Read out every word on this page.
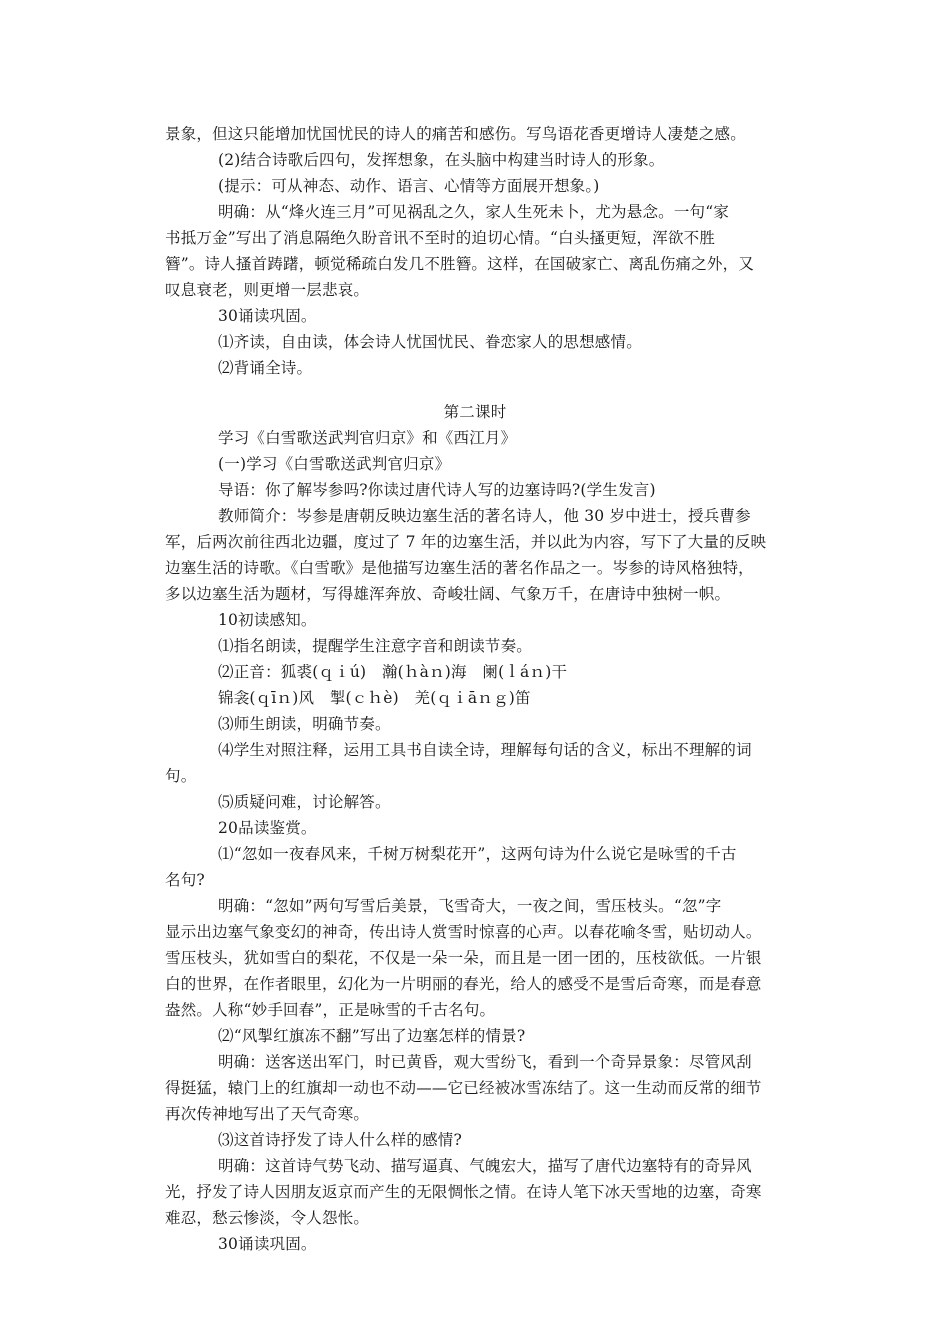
景象，但这只能增加忧国忧民的诗人的痛苦和感伤。写鸟语花香更增诗人凄楚之感。
(2)结合诗歌后四句，发挥想象，在头脑中构建当时诗人的形象。
(提示：可从神态、动作、语言、心情等方面展开想象。)
明确：从“烽火连三月”可见祸乱之久，家人生死未卜，尤为悬念。一句“家
书抵万金”写出了消息隔绝久盼音讯不至时的迫切心情。“白头搔更短，浑欲不胜
簪”。诗人搔首踌躇，顿觉稀疏白发几不胜簪。这样，在国破家亡、离乱伤痛之外，又
叹息衰老，则更增一层悲哀。
30诵读巩固。
⑴齐读，自由读，体会诗人忧国忧民、眷恋家人的思想感情。
⑵背诵全诗。
第二课时
学习《白雪歌送武判官归京》和《西江月》
(一)学习《白雪歌送武判官归京》
导语：你了解岑参吗?你读过唐代诗人写的边塞诗吗?(学生发言)
教师简介：岑参是唐朝反映边塞生活的著名诗人，他 30 岁中进士，授兵曹参
军，后两次前往西北边疆，度过了 7 年的边塞生活，并以此为内容，写下了大量的反映
边塞生活的诗歌。《白雪歌》是他描写边塞生活的著名作品之一。岑参的诗风格独特，
多以边塞生活为题材，写得雄浑奔放、奇峻壮阔、气象万千，在唐诗中独树一帜。
10初读感知。
⑴指名朗读，提醒学生注意字音和朗读节奏。
⑵正音：狐裘(ｑｉú)　瀚(ｈàｎ)海　阑(ｌáｎ)干
锦衾(ｑīｎ)风　掣(ｃｈè)　羌(ｑｉāｎｇ)笛
⑶师生朗读，明确节奏。
⑷学生对照注释，运用工具书自读全诗，理解每句话的含义，标出不理解的词
句。
⑸质疑问难，讨论解答。
20品读鉴赏。
⑴“忽如一夜春风来，千树万树梨花开”，这两句诗为什么说它是咏雪的千古
名句?
明确：“忽如”两句写雪后美景，飞雪奇大，一夜之间，雪压枝头。“忽”字
显示出边塞气象变幻的神奇，传出诗人赏雪时惊喜的心声。以春花喻冬雪，贴切动人。
雪压枝头，犹如雪白的梨花，不仅是一朵一朵，而且是一团一团的，压枝欲低。一片银
白的世界，在作者眼里，幻化为一片明丽的春光，给人的感受不是雪后奇寒，而是春意
盎然。人称“妙手回春”，正是咏雪的千古名句。
⑵“风掣红旗冻不翻”写出了边塞怎样的情景?
明确：送客送出军门，时已黄昏，观大雪纷飞，看到一个奇异景象：尽管风刮
得挺猛，辕门上的红旗却一动也不动——它已经被冰雪冻结了。这一生动而反常的细节
再次传神地写出了天气奇寒。
⑶这首诗抒发了诗人什么样的感情?
明确：这首诗气势飞动、描写逼真、气魄宏大，描写了唐代边塞特有的奇异风
光，抒发了诗人因朋友返京而产生的无限惆怅之情。在诗人笔下冰天雪地的边塞，奇寒
难忍，愁云惨淡，令人怨怅。
30诵读巩固。
